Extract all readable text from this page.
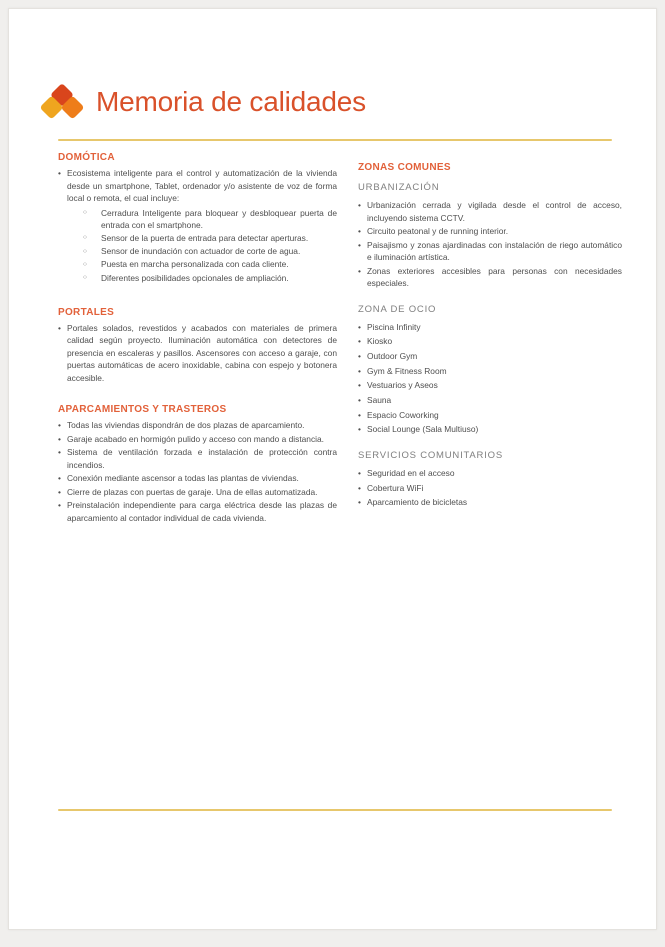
Memoria de calidades
DOMÓTICA
• Ecosistema inteligente para el control y automatización de la vivienda desde un smartphone, Tablet, ordenador y/o asistente de voz de forma local o remota, el cual incluye:
○ Cerradura Inteligente para bloquear y desbloquear puerta de entrada con el smartphone.
○ Sensor de la puerta de entrada para detectar aperturas.
○ Sensor de inundación con actuador de corte de agua.
○ Puesta en marcha personalizada con cada cliente.
○ Diferentes posibilidades opcionales de ampliación.
PORTALES
• Portales solados, revestidos y acabados con materiales de primera calidad según proyecto. Iluminación automática con detectores de presencia en escaleras y pasillos. Ascensores con acceso a garaje, con puertas automáticas de acero inoxidable, cabina con espejo y botonera accesible.
APARCAMIENTOS Y TRASTEROS
• Todas las viviendas dispondrán de dos plazas de aparcamiento.
• Garaje acabado en hormigón pulido y acceso con mando a distancia.
• Sistema de ventilación forzada e instalación de protección contra incendios.
• Conexión mediante ascensor a todas las plantas de viviendas.
• Cierre de plazas con puertas de garaje. Una de ellas automatizada.
• Preinstalación independiente para carga eléctrica desde las plazas de aparcamiento al contador individual de cada vivienda.
ZONAS COMUNES
URBANIZACIÓN
• Urbanización cerrada y vigilada desde el control de acceso, incluyendo sistema CCTV.
• Circuito peatonal y de running interior.
• Paisajismo y zonas ajardinadas con instalación de riego automático e iluminación artística.
• Zonas exteriores accesibles para personas con necesidades especiales.
ZONA DE OCIO
• Piscina Infinity
• Kiosko
• Outdoor Gym
• Gym & Fitness Room
• Vestuarios y Aseos
• Sauna
• Espacio Coworking
• Social Lounge (Sala Multiuso)
SERVICIOS COMUNITARIOS
• Seguridad en el acceso
• Cobertura WiFi
• Aparcamiento de bicicletas
